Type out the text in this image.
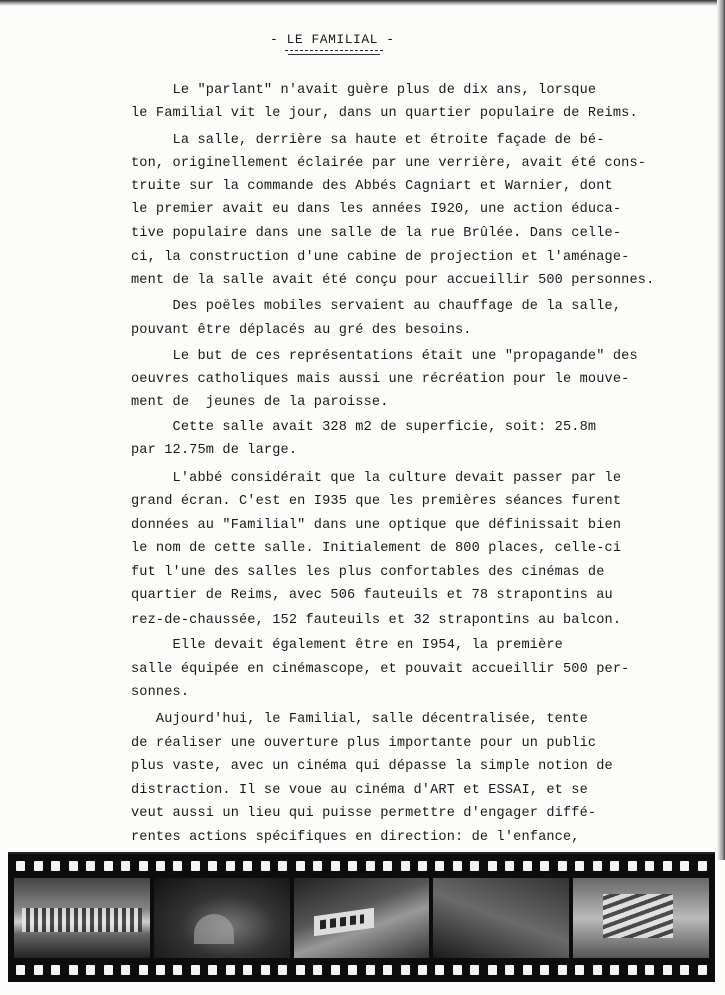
- LE FAMILIAL -
Le "parlant" n'avait guère plus de dix ans, lorsque
le Familial vit le jour, dans un quartier populaire de Reims.
La salle, derrière sa haute et étroite façade de bé-
ton, originellement éclairée par une verrière, avait été cons-
truite sur la commande des Abbés Cagniart et Warnier, dont
le premier avait eu dans les années I920, une action éduca-
tive populaire dans une salle de la rue Brûlée. Dans celle-
ci, la construction d'une cabine de projection et l'aménage-
ment de la salle avait été conçu pour accueillir 500 personnes.
Des poëles mobiles servaient au chauffage de la salle,
pouvant être déplacés au gré des besoins.
Le but de ces représentations était une "propagande" des
oeuvres catholiques mais aussi une récréation pour le mouve-
ment de  jeunes de la paroisse.
Cette salle avait 328 m2 de superficie, soit: 25.8m
par 12.75m de large.
L'abbé considérait que la culture devait passer par le
grand écran. C'est en I935 que les premières séances furent
données au "Familial" dans une optique que définissait bien
le nom de cette salle. Initialement de 800 places, celle-ci
fut l'une des salles les plus confortables des cinémas de
quartier de Reims, avec 506 fauteuils et 78 strapontins au
rez-de-chaussée, 152 fauteuils et 32 strapontins au balcon.
Elle devait également être en I954, la première
salle équipée en cinémascope, et pouvait accueillir 500 per-
sonnes.
Aujourd'hui, le Familial, salle décentralisée, tente
de réaliser une ouverture plus importante pour un public
plus vaste, avec un cinéma qui dépasse la simple notion de
distraction. Il se voue au cinéma d'ART et ESSAI, et se
veut aussi un lieu qui puisse permettre d'engager diffé-
rentes actions spécifiques en direction: de l'enfance,
